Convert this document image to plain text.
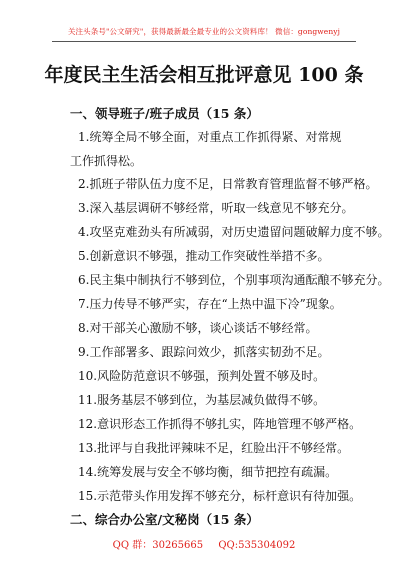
关注头条号"公文研究"，获得最新最全最专业的公文资料库！ 微信：gongwenyj
年度民主生活会相互批评意见 100 条
一、领导班子/班子成员（15 条）
1.统筹全局不够全面，对重点工作抓得紧、对常规工作抓得松。
2.抓班子带队伍力度不足，日常教育管理监督不够严格。
3.深入基层调研不够经常，听取一线意见不够充分。
4.攻坚克难劲头有所减弱，对历史遗留问题破解力度不够。
5.创新意识不够强，推动工作突破性举措不多。
6.民主集中制执行不够到位，个别事项沟通酝酿不够充分。
7.压力传导不够严实，存在“上热中温下冷”现象。
8.对干部关心激励不够，谈心谈话不够经常。
9.工作部署多、跟踪问效少，抓落实韧劲不足。
10.风险防范意识不够强，预判处置不够及时。
11.服务基层不够到位，为基层减负做得不够。
12.意识形态工作抓得不够扎实，阵地管理不够严格。
13.批评与自我批评辣味不足，红脸出汗不够经常。
14.统筹发展与安全不够均衡，细节把控有疏漏。
15.示范带头作用发挥不够充分，标杆意识有待加强。
二、综合办公室/文秘岗（15 条）
QQ 群：30265665 QQ:535304092
